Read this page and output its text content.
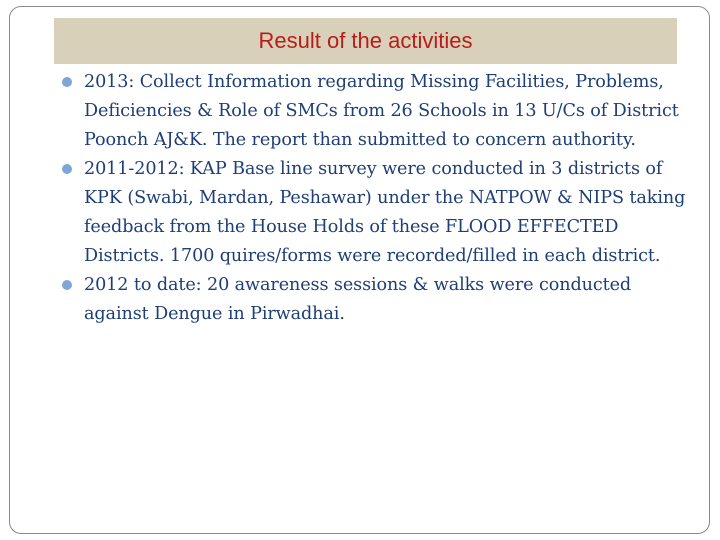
Result of the activities
2013: Collect Information regarding Missing Facilities, Problems, Deficiencies & Role of SMCs from 26 Schools in 13 U/Cs of District Poonch AJ&K. The report than submitted to concern authority.
2011-2012: KAP Base line survey were conducted in 3 districts of KPK (Swabi, Mardan, Peshawar) under the NATPOW & NIPS taking feedback from the House Holds of these FLOOD EFFECTED Districts. 1700 quires/forms were recorded/filled in each district.
2012 to date: 20 awareness sessions & walks were conducted against Dengue in Pirwadhai.
